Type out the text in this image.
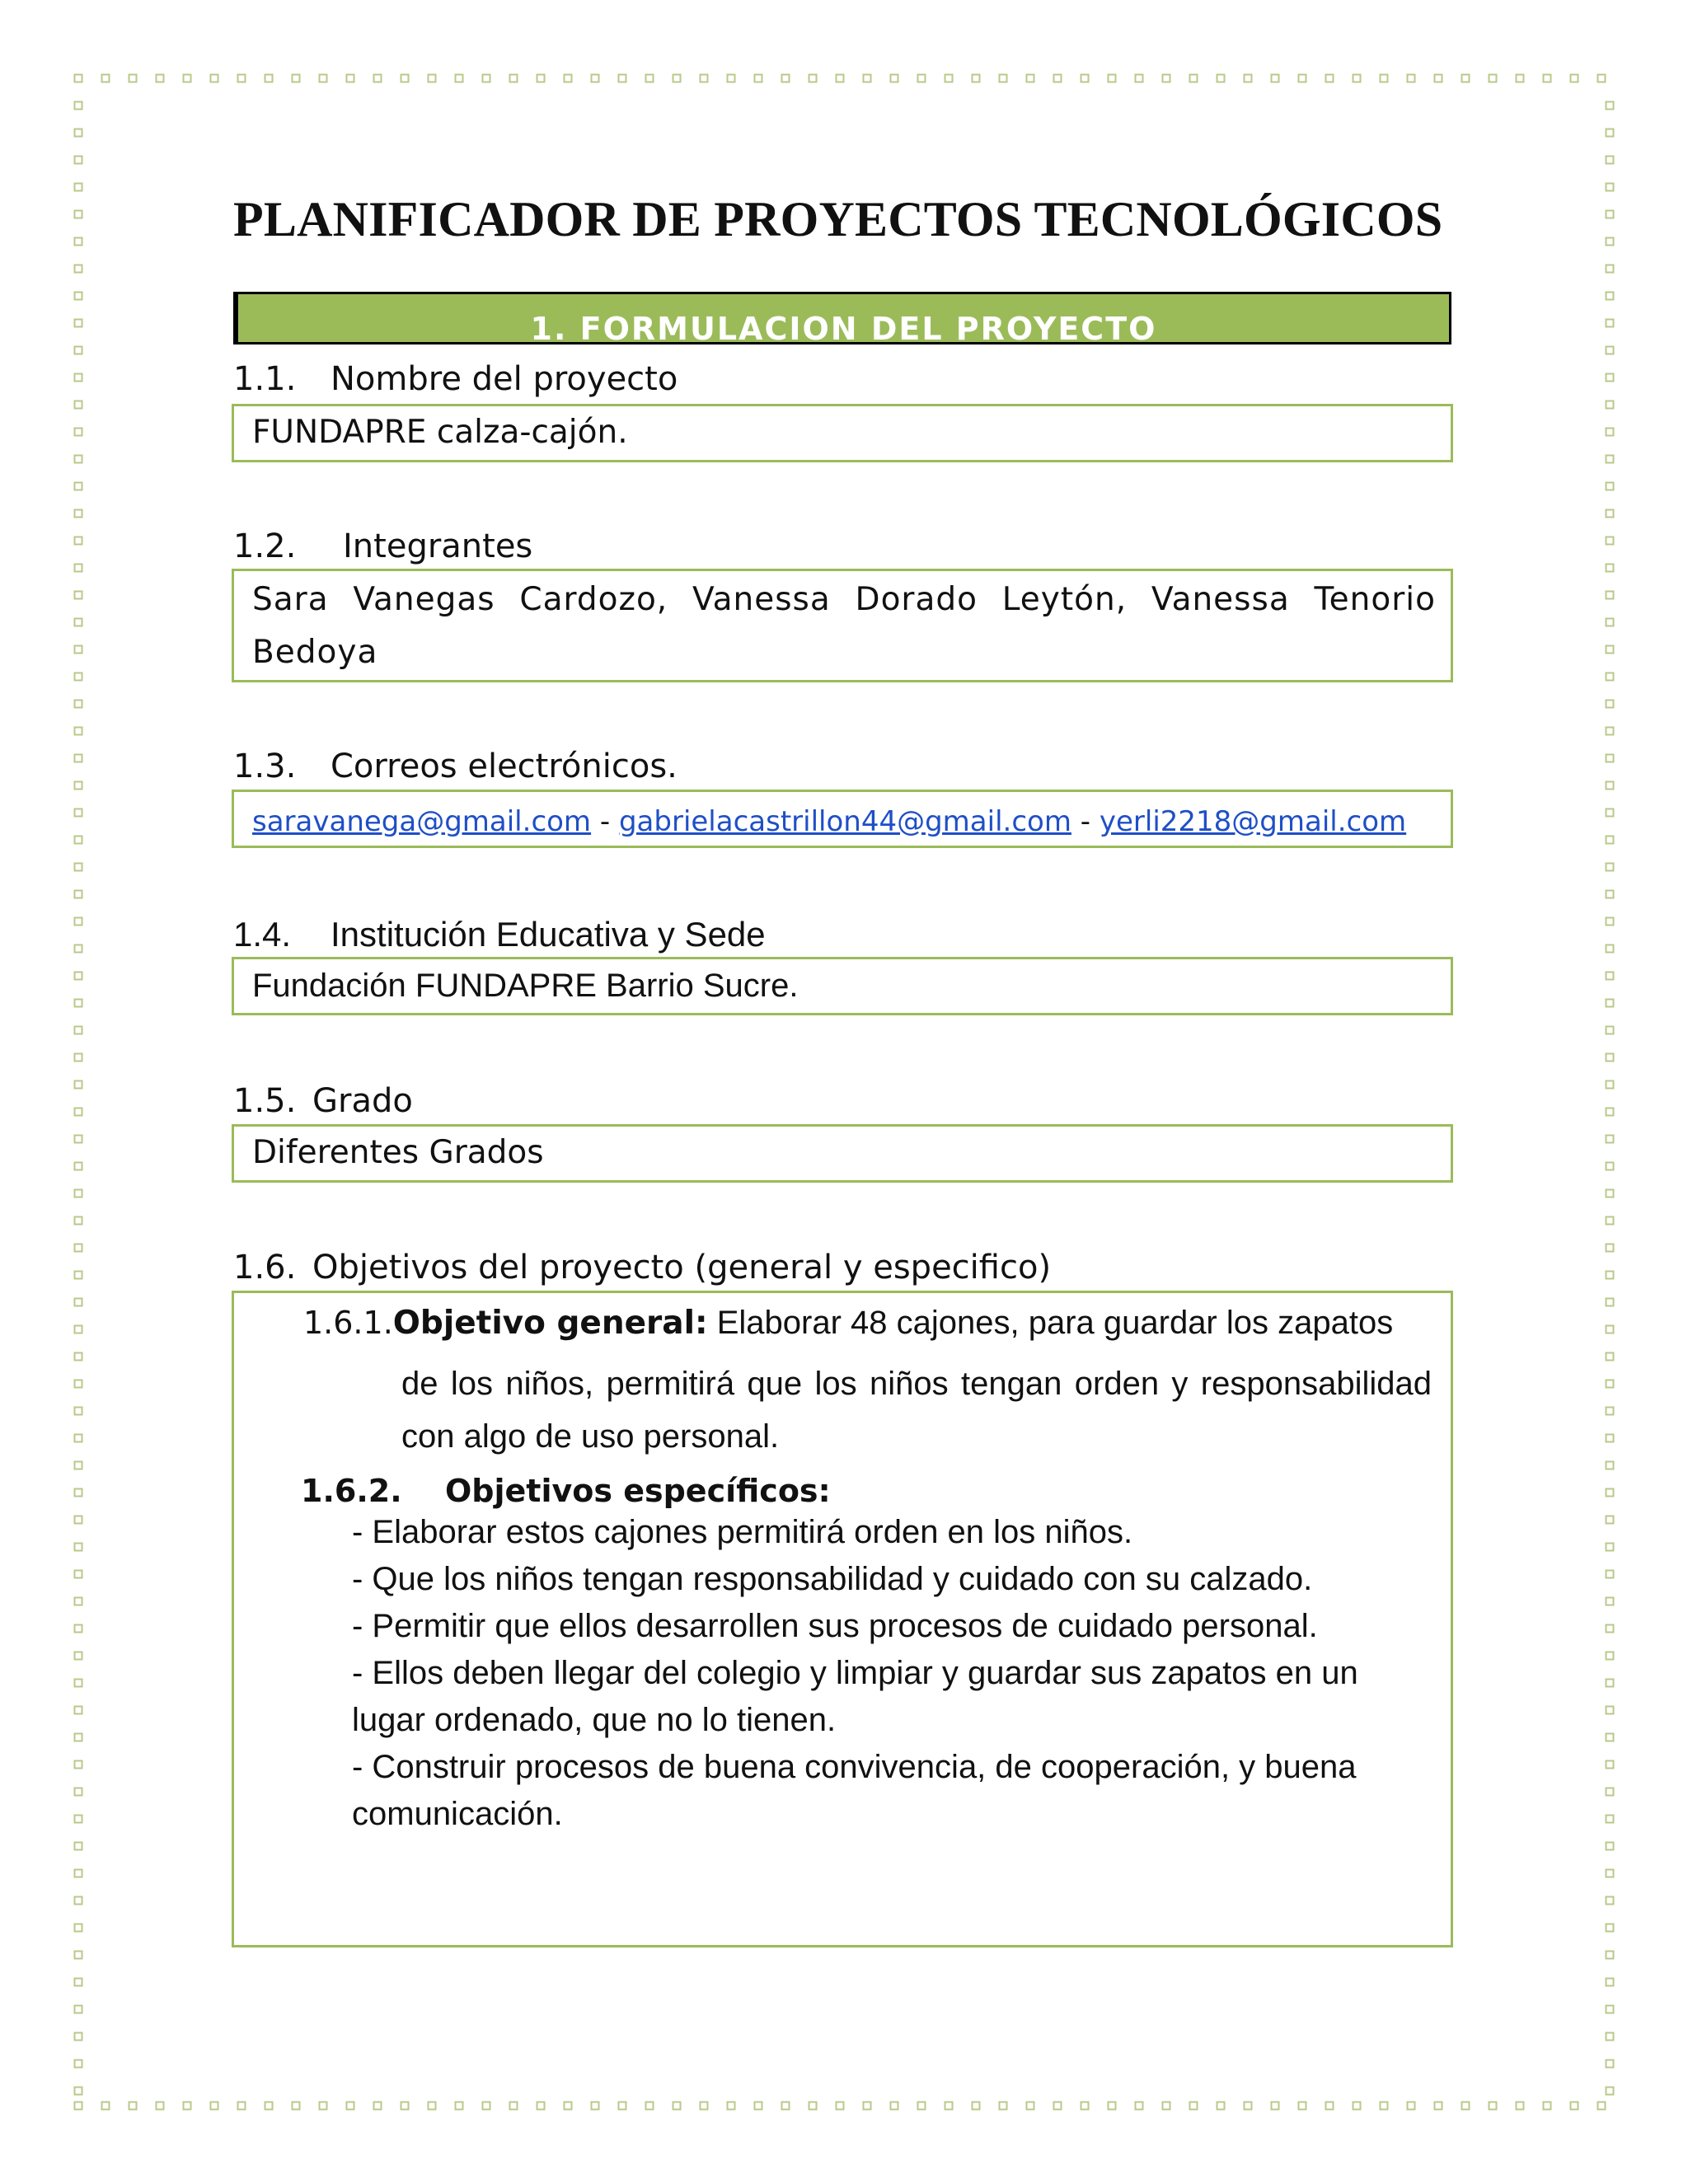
PLANIFICADOR DE PROYECTOS TECNOLÓGICOS
1. FORMULACION DEL PROYECTO

1.1. Nombre del proyecto

FUNDAPRE calza-cajón.

1.2. Integrantes

Sara Vanegas Cardozo, Vanessa Dorado Leytón, Vanessa Tenorio Bedoya

1.3. Correos electrónicos.

saravanega@gmail.com - gabrielacastrillon44@gmail.com - yerli2218@gmail.com

1.4. Institución Educativa y Sede

Fundación FUNDAPRE Barrio Sucre.

1.5. Grado

Diferentes Grados

1.6. Objetivos del proyecto (general y especifico)

1.6.1.Objetivo general: Elaborar 48 cajones, para guardar los zapatos
de los niños, permitirá que los niños tengan orden y responsabilidad con algo de uso personal.
1.6.2. Objetivos específicos:
- Elaborar estos cajones permitirá orden en los niños.
- Que los niños tengan responsabilidad y cuidado con su calzado.
- Permitir que ellos desarrollen sus procesos de cuidado personal.
- Ellos deben llegar del colegio y limpiar y guardar sus zapatos en un lugar ordenado, que no lo tienen.
- Construir procesos de buena convivencia, de cooperación, y buena comunicación.
